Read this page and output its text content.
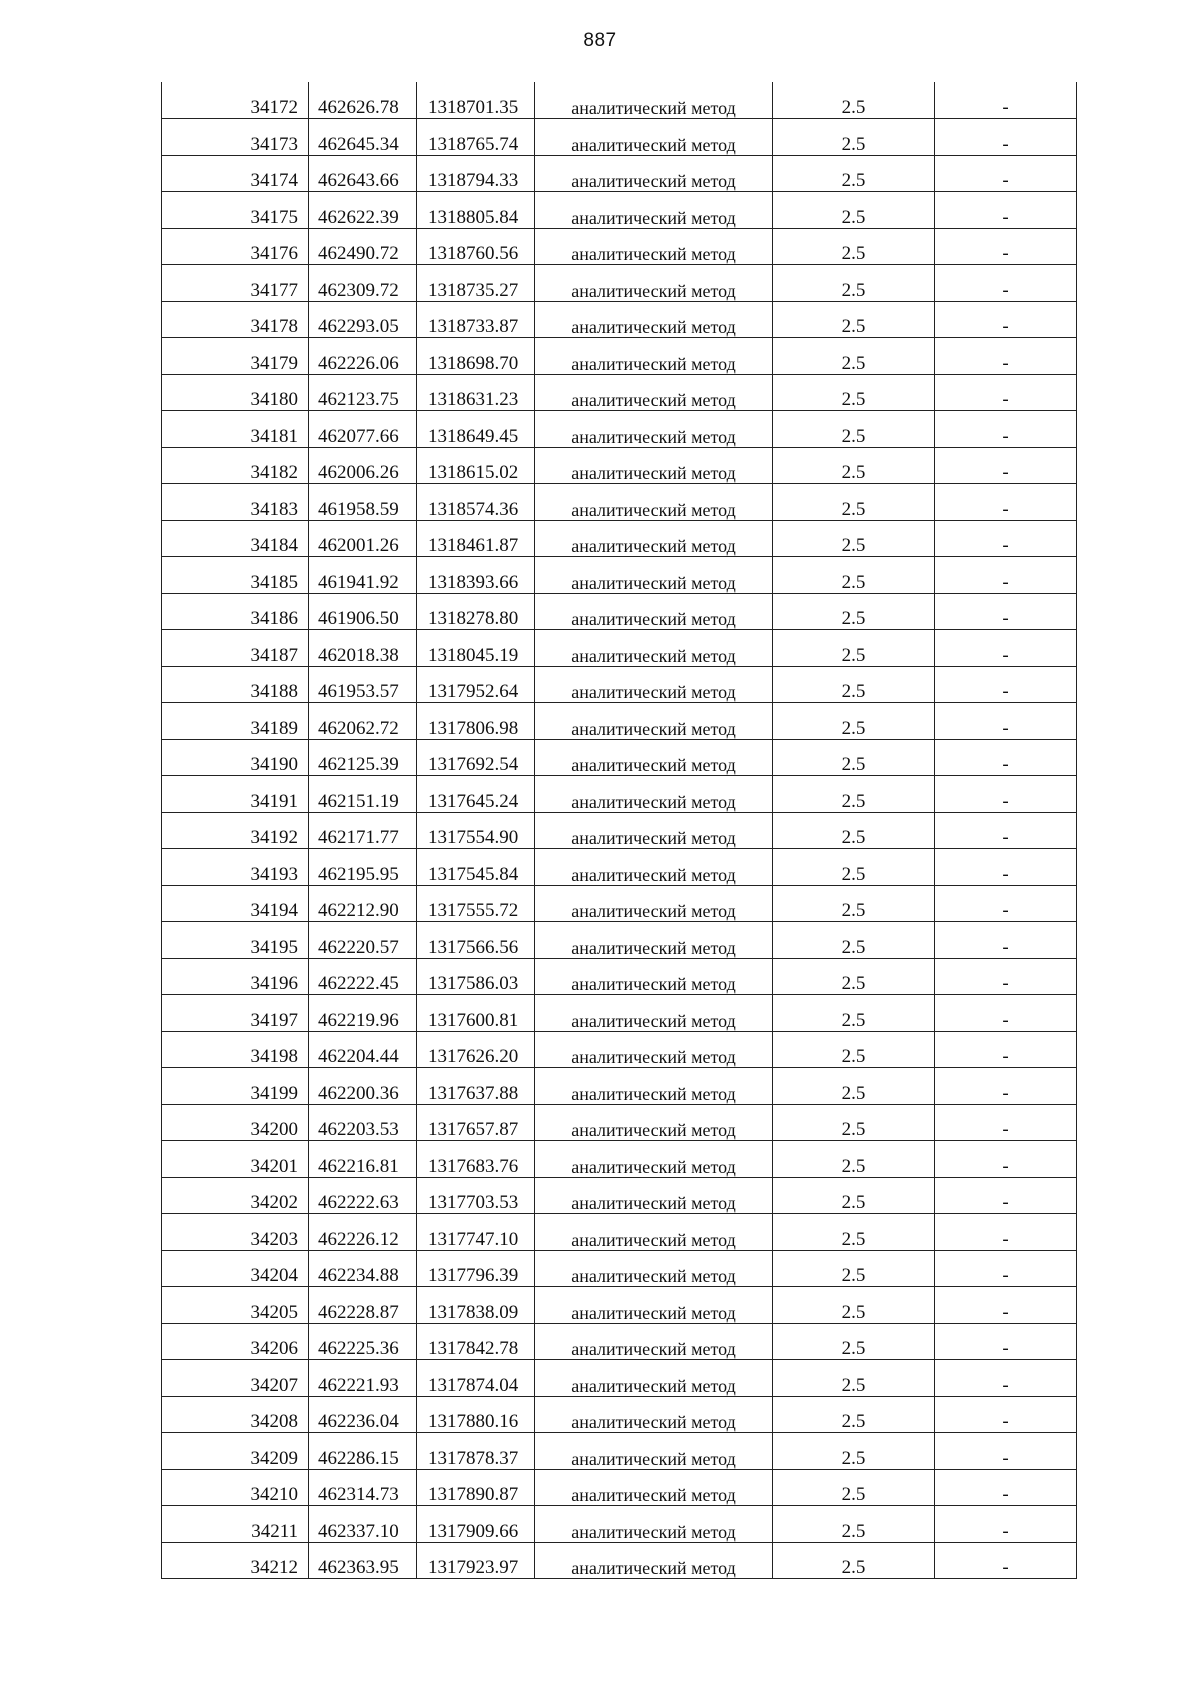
887
34172	462626.78	1318701.35	аналитический метод	2.5	-
34173	462645.34	1318765.74	аналитический метод	2.5	-
34174	462643.66	1318794.33	аналитический метод	2.5	-
34175	462622.39	1318805.84	аналитический метод	2.5	-
34176	462490.72	1318760.56	аналитический метод	2.5	-
34177	462309.72	1318735.27	аналитический метод	2.5	-
34178	462293.05	1318733.87	аналитический метод	2.5	-
34179	462226.06	1318698.70	аналитический метод	2.5	-
34180	462123.75	1318631.23	аналитический метод	2.5	-
34181	462077.66	1318649.45	аналитический метод	2.5	-
34182	462006.26	1318615.02	аналитический метод	2.5	-
34183	461958.59	1318574.36	аналитический метод	2.5	-
34184	462001.26	1318461.87	аналитический метод	2.5	-
34185	461941.92	1318393.66	аналитический метод	2.5	-
34186	461906.50	1318278.80	аналитический метод	2.5	-
34187	462018.38	1318045.19	аналитический метод	2.5	-
34188	461953.57	1317952.64	аналитический метод	2.5	-
34189	462062.72	1317806.98	аналитический метод	2.5	-
34190	462125.39	1317692.54	аналитический метод	2.5	-
34191	462151.19	1317645.24	аналитический метод	2.5	-
34192	462171.77	1317554.90	аналитический метод	2.5	-
34193	462195.95	1317545.84	аналитический метод	2.5	-
34194	462212.90	1317555.72	аналитический метод	2.5	-
34195	462220.57	1317566.56	аналитический метод	2.5	-
34196	462222.45	1317586.03	аналитический метод	2.5	-
34197	462219.96	1317600.81	аналитический метод	2.5	-
34198	462204.44	1317626.20	аналитический метод	2.5	-
34199	462200.36	1317637.88	аналитический метод	2.5	-
34200	462203.53	1317657.87	аналитический метод	2.5	-
34201	462216.81	1317683.76	аналитический метод	2.5	-
34202	462222.63	1317703.53	аналитический метод	2.5	-
34203	462226.12	1317747.10	аналитический метод	2.5	-
34204	462234.88	1317796.39	аналитический метод	2.5	-
34205	462228.87	1317838.09	аналитический метод	2.5	-
34206	462225.36	1317842.78	аналитический метод	2.5	-
34207	462221.93	1317874.04	аналитический метод	2.5	-
34208	462236.04	1317880.16	аналитический метод	2.5	-
34209	462286.15	1317878.37	аналитический метод	2.5	-
34210	462314.73	1317890.87	аналитический метод	2.5	-
34211	462337.10	1317909.66	аналитический метод	2.5	-
34212	462363.95	1317923.97	аналитический метод	2.5	-
